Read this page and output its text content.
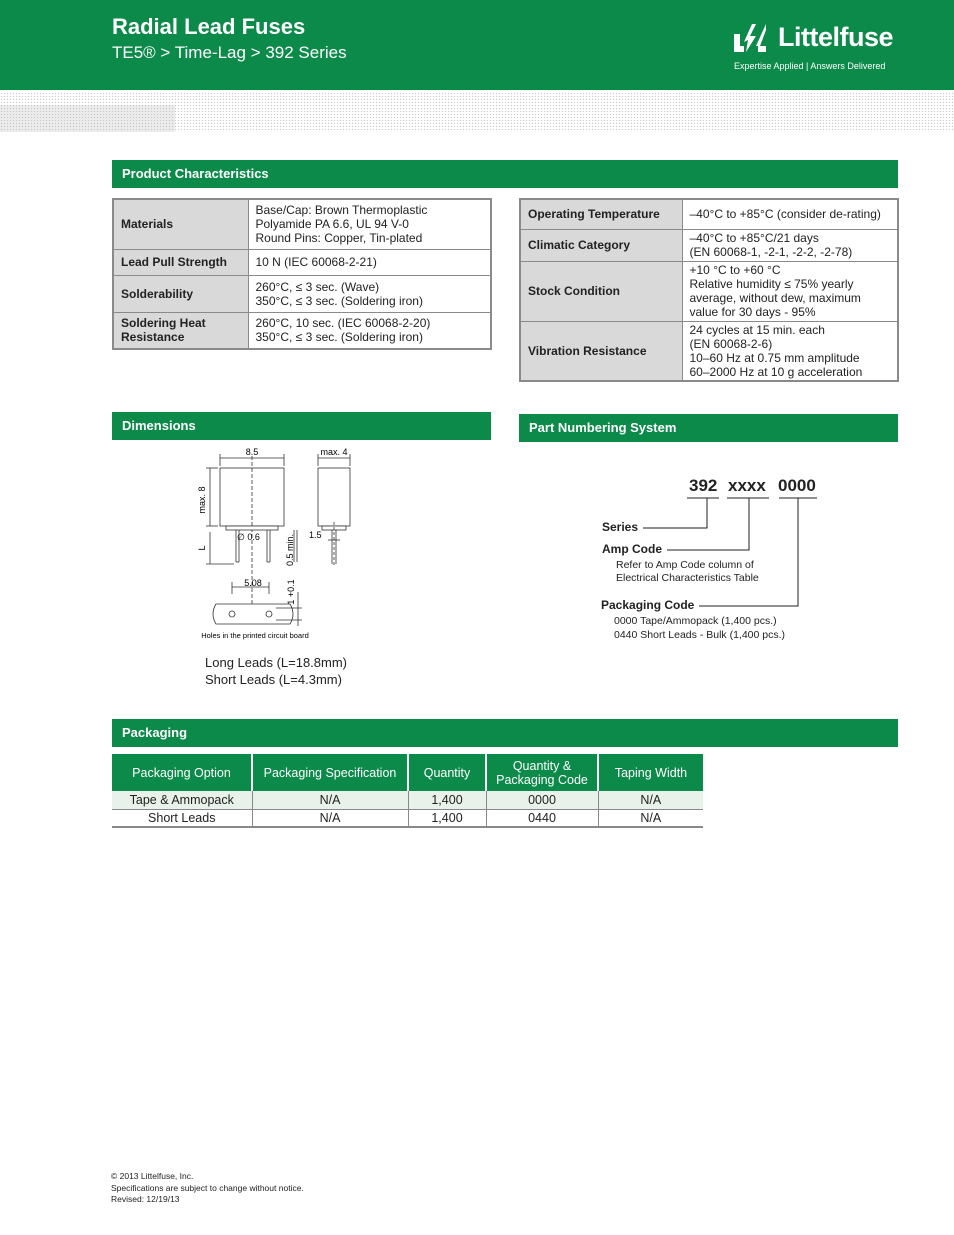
Radial Lead Fuses
TE5® > Time-Lag > 392 Series
Littelfuse
Expertise Applied | Answers Delivered
Product Characteristics
Materials	Base/Cap: Brown Thermoplastic
Polyamide PA 6.6, UL 94 V-0
Round Pins: Copper, Tin-plated

Lead Pull Strength	10 N (IEC 60068-2-21)

Solderability	260°C, ≤ 3 sec. (Wave)
350°C, ≤ 3 sec. (Soldering iron)

Soldering Heat Resistance	260°C, 10 sec. (IEC 60068-2-20)
350°C, ≤ 3 sec. (Soldering iron)
Operating Temperature	–40°C to +85°C (consider de-rating)

Climatic Category	–40°C to +85°C/21 days
(EN 60068-1, -2-1, -2-2, -2-78)

Stock Condition	+10 °C to +60 °C
Relative humidity ≤ 75% yearly
average, without dew, maximum
value for 30 days - 95%

Vibration Resistance	24 cycles at 15 min. each
(EN 60068-2-6)
10–60 Hz at 0.75 mm amplitude
60–2000 Hz at 10 g acceleration
Dimensions
8.5	max. 4
max. 8
L
∅ 0.6	0.5 min. 1.5
5.08	1 +0.1
Holes in the printed circuit board
Long Leads (L=18.8mm)
Short Leads (L=4.3mm)
Part Numbering System
392 xxxx 0000
Series
Amp Code
Refer to Amp Code column of
Electrical Characteristics Table
Packaging Code
0000 Tape/Ammopack (1,400 pcs.)
0440 Short Leads - Bulk (1,400 pcs.)
Packaging
Packaging Option	Packaging Specification	Quantity	Quantity & Packaging Code	Taping Width
Tape & Ammopack	N/A	1,400	0000	N/A
Short Leads	N/A	1,400	0440	N/A
© 2013 Littelfuse, Inc.
Specifications are subject to change without notice.
Revised: 12/19/13
